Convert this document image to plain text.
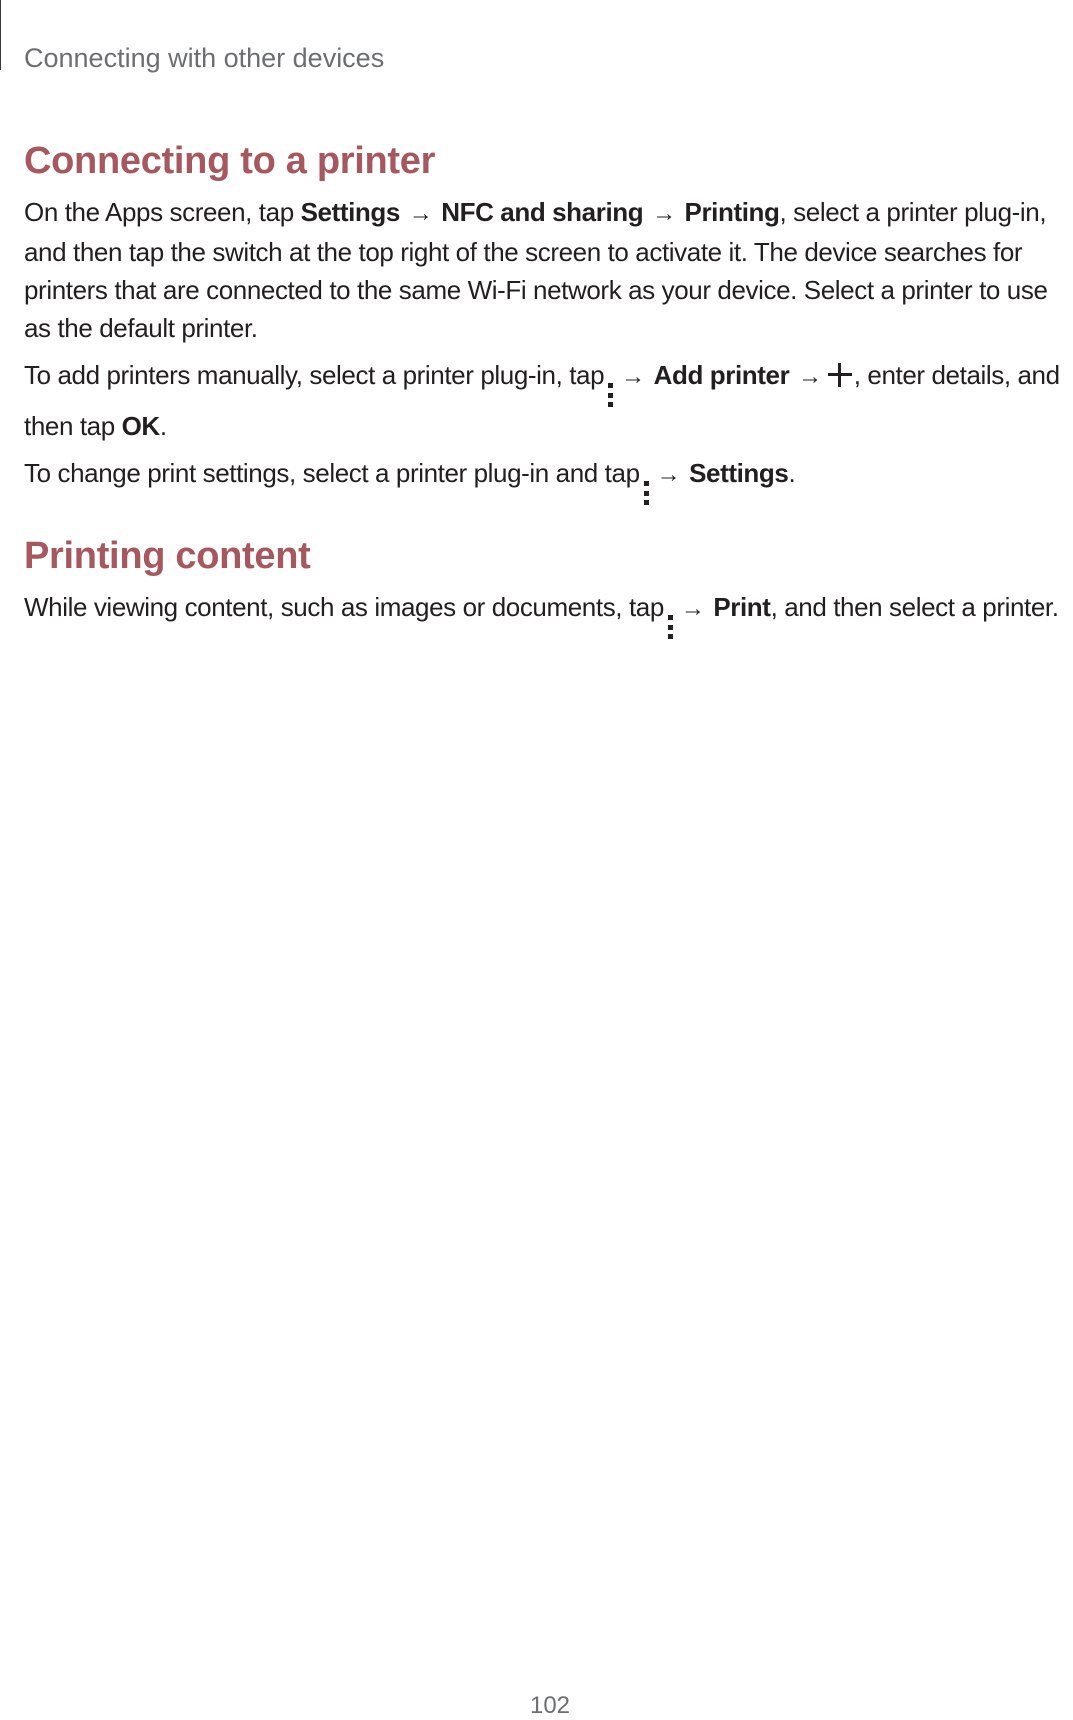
Connecting with other devices
Connecting to a printer

On the Apps screen, tap Settings → NFC and sharing → Printing, select a printer plug-in, and then tap the switch at the top right of the screen to activate it. The device searches for printers that are connected to the same Wi-Fi network as your device. Select a printer to use as the default printer.

To add printers manually, select a printer plug-in, tap → Add printer → , enter details, and then tap OK.

To change print settings, select a printer plug-in and tap → Settings.

Printing content

While viewing content, such as images or documents, tap → Print, and then select a printer.

102
